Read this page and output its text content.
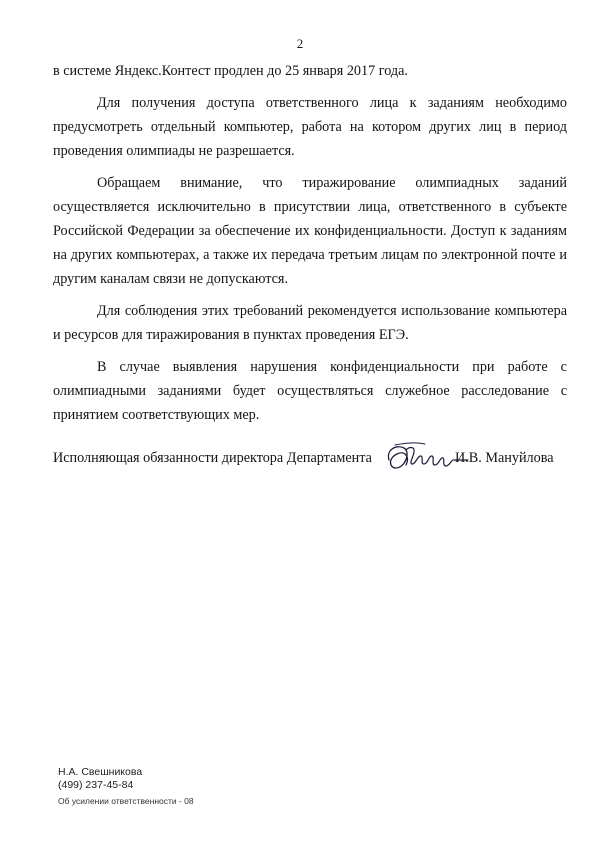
2

в системе Яндекс.Контест продлен до 25 января 2017 года.

Для получения доступа ответственного лица к заданиям необходимо предусмотреть отдельный компьютер, работа на котором других лиц в период проведения олимпиады не разрешается.

Обращаем внимание, что тиражирование олимпиадных заданий осуществляется исключительно в присутствии лица, ответственного в субъекте Российской Федерации за обеспечение их конфиденциальности. Доступ к заданиям на других компьютерах, а также их передача третьим лицам по электронной почте и другим каналам связи не допускаются.

Для соблюдения этих требований рекомендуется использование компьютера и ресурсов для тиражирования в пунктах проведения ЕГЭ.

В случае выявления нарушения конфиденциальности при работе с олимпиадными заданиями будет осуществляться служебное расследование с принятием соответствующих мер.

Исполняющая обязанности директора Департамента	И.В. Мануйлова
Н.А. Свешникова
(499) 237-45-84
Об усилении ответственности - 08
